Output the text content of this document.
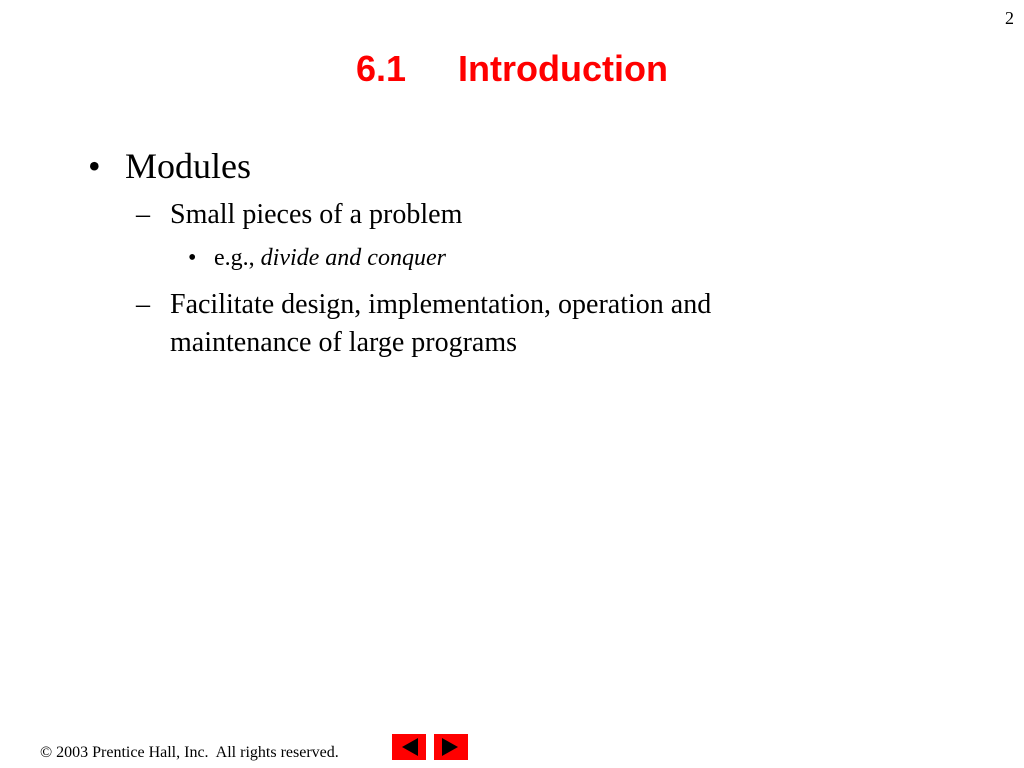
2
6.1 Introduction
• Modules
– Small pieces of a problem
• e.g., divide and conquer
– Facilitate design, implementation, operation and maintenance of large programs
© 2003 Prentice Hall, Inc.  All rights reserved.
